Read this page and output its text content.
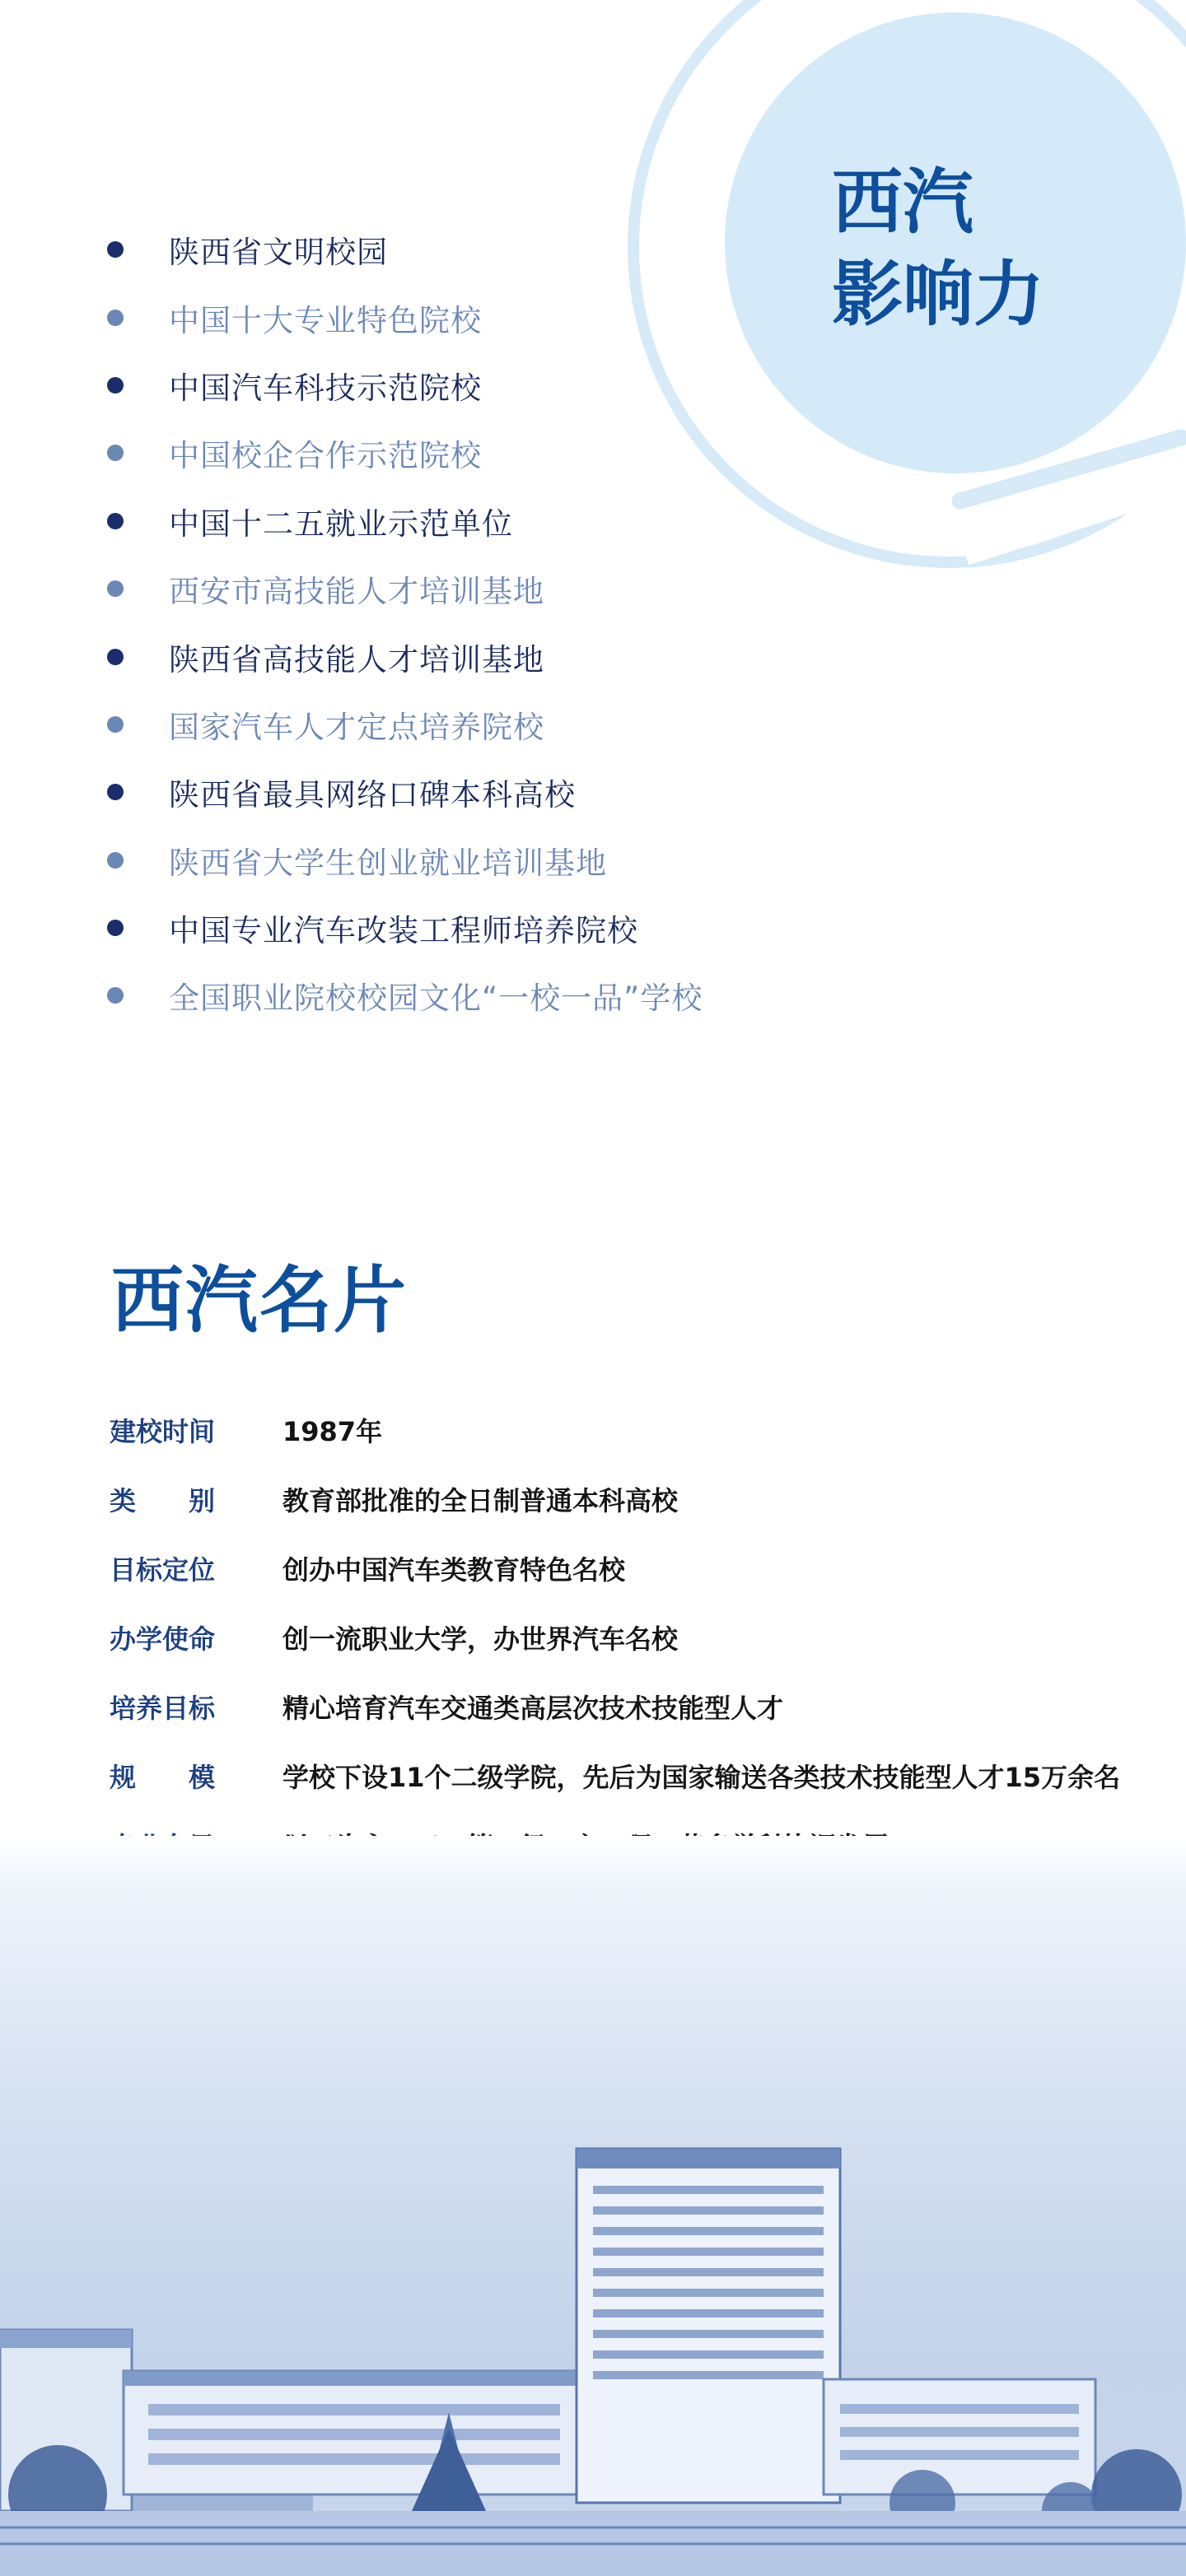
西汽
影响力
陕西省文明校园
中国十大专业特色院校
中国汽车科技示范院校
中国校企合作示范院校
中国十二五就业示范单位
西安市高技能人才培训基地
陕西省高技能人才培训基地
国家汽车人才定点培养院校
陕西省最具网络口碑本科高校
陕西省大学生创业就业培训基地
中国专业汽车改装工程师培养院校
全国职业院校校园文化“一校一品”学校
西汽名片
建校时间	1987年
类　　别	教育部批准的全日制普通本科高校
目标定位	创办中国汽车类教育特色名校
办学使命	创一流职业大学，办世界汽车名校
培养目标	精心培育汽车交通类高层次技术技能型人才
规　　模	学校下设11个二级学院，先后为国家输送各类技术技能型人才15万余名
